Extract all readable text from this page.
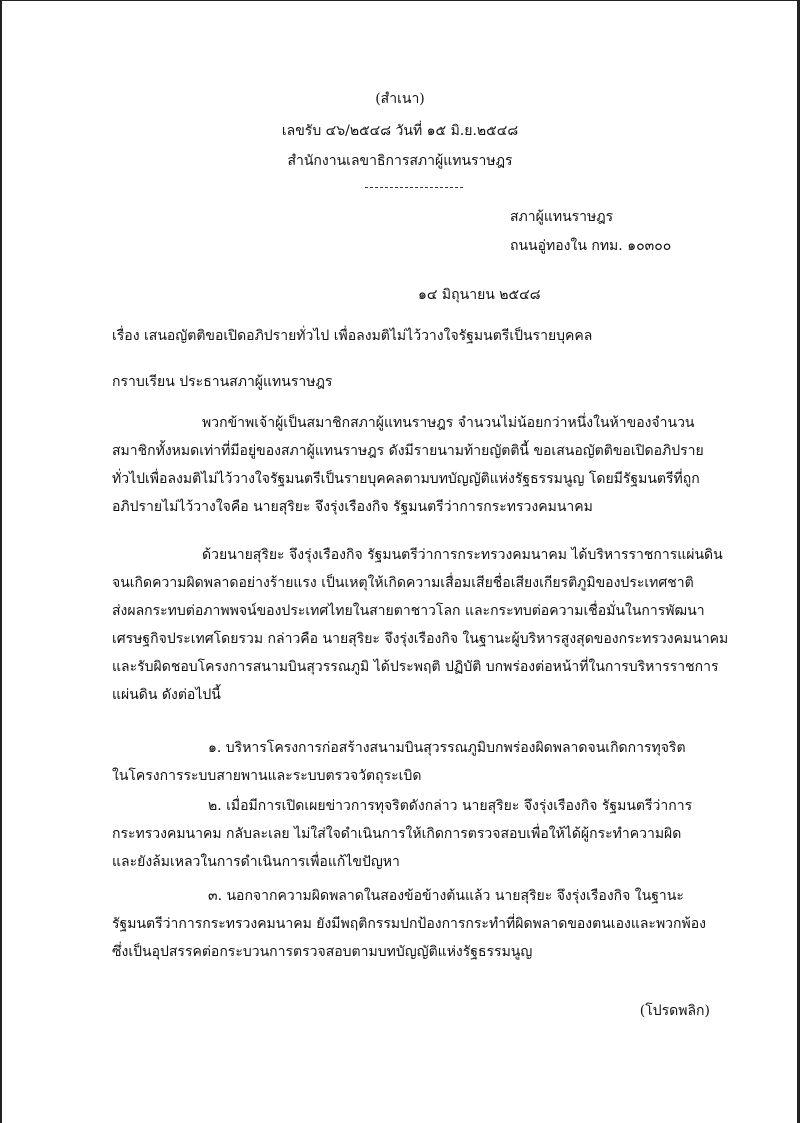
(สำเนา)
เลขรับ ๔๖/๒๕๔๘ วันที่ ๑๕ มิ.ย.๒๕๔๘
สำนักงานเลขาธิการสภาผู้แทนราษฎร
สภาผู้แทนราษฎร
ถนนอู่ทองใน กทม. ๑๐๓๐๐
๑๔ มิถุนายน ๒๕๔๘
เรื่อง เสนอญัตติขอเปิดอภิปรายทั่วไป เพื่อลงมติไม่ไว้วางใจรัฐมนตรีเป็นรายบุคคล
กราบเรียน ประธานสภาผู้แทนราษฎร
พวกข้าพเจ้าผู้เป็นสมาชิกสภาผู้แทนราษฎร จำนวนไม่น้อยกว่าหนึ่งในห้าของจำนวน
สมาชิกทั้งหมดเท่าที่มีอยู่ของสภาผู้แทนราษฎร ดังมีรายนามท้ายญัตตินี้ ขอเสนอญัตติขอเปิดอภิปราย
ทั่วไปเพื่อลงมติไม่ไว้วางใจรัฐมนตรีเป็นรายบุคคลตามบทบัญญัติแห่งรัฐธรรมนูญ โดยมีรัฐมนตรีที่ถูก
อภิปรายไม่ไว้วางใจคือ นายสุริยะ จึงรุ่งเรืองกิจ รัฐมนตรีว่าการกระทรวงคมนาคม
ด้วยนายสุริยะ จึงรุ่งเรืองกิจ รัฐมนตรีว่าการกระทรวงคมนาคม ได้บริหารราชการแผ่นดิน
จนเกิดความผิดพลาดอย่างร้ายแรง เป็นเหตุให้เกิดความเสื่อมเสียชื่อเสียงเกียรติภูมิของประเทศชาติ
ส่งผลกระทบต่อภาพพจน์ของประเทศไทยในสายตาชาวโลก และกระทบต่อความเชื่อมั่นในการพัฒนา
เศรษฐกิจประเทศโดยรวม กล่าวคือ นายสุริยะ จึงรุ่งเรืองกิจ ในฐานะผู้บริหารสูงสุดของกระทรวงคมนาคม
และรับผิดชอบโครงการสนามบินสุวรรณภูมิ ได้ประพฤติ ปฏิบัติ บกพร่องต่อหน้าที่ในการบริหารราชการ
แผ่นดิน ดังต่อไปนี้
๑. บริหารโครงการก่อสร้างสนามบินสุวรรณภูมิบกพร่องผิดพลาดจนเกิดการทุจริต
ในโครงการระบบสายพานและระบบตรวจวัตถุระเบิด
๒. เมื่อมีการเปิดเผยข่าวการทุจริตดังกล่าว นายสุริยะ จึงรุ่งเรืองกิจ รัฐมนตรีว่าการ
กระทรวงคมนาคม กลับละเลย ไม่ใส่ใจดำเนินการให้เกิดการตรวจสอบเพื่อให้ได้ผู้กระทำความผิด
และยังล้มเหลวในการดำเนินการเพื่อแก้ไขปัญหา
๓. นอกจากความผิดพลาดในสองข้อข้างต้นแล้ว นายสุริยะ จึงรุ่งเรืองกิจ ในฐานะ
รัฐมนตรีว่าการกระทรวงคมนาคม ยังมีพฤติกรรมปกป้องการกระทำที่ผิดพลาดของตนเองและพวกพ้อง
ซึ่งเป็นอุปสรรคต่อกระบวนการตรวจสอบตามบทบัญญัติแห่งรัฐธรรมนูญ
(โปรดพลิก)
